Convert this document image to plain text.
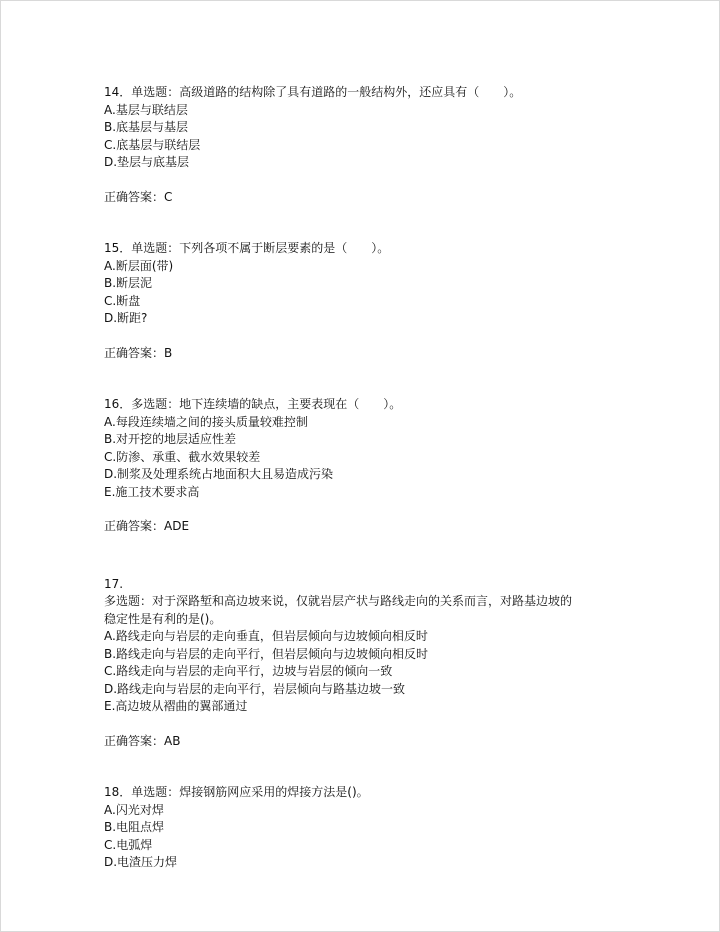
14．单选题：高级道路的结构除了具有道路的一般结构外，还应具有（　　）。

A.基层与联结层

B.底基层与基层

C.底基层与联结层

D.垫层与底基层

正确答案：C

15．单选题：下列各项不属于断层要素的是（　　）。

A.断层面(带)

B.断层泥

C.断盘

D.断距?

正确答案：B

16．多选题：地下连续墙的缺点，主要表现在（　　）。

A.每段连续墙之间的接头质量较难控制

B.对开挖的地层适应性差

C.防渗、承重、截水效果较差

D.制浆及处理系统占地面积大且易造成污染

E.施工技术要求高

正确答案：ADE

17.

多选题：对于深路堑和高边坡来说，仅就岩层产状与路线走向的关系而言，对路基边坡的

稳定性是有利的是()。

A.路线走向与岩层的走向垂直，但岩层倾向与边坡倾向相反时

B.路线走向与岩层的走向平行，但岩层倾向与边坡倾向相反时

C.路线走向与岩层的走向平行，边坡与岩层的倾向一致

D.路线走向与岩层的走向平行，岩层倾向与路基边坡一致

E.高边坡从褶曲的翼部通过

正确答案：AB

18．单选题：焊接钢筋网应采用的焊接方法是()。

A.闪光对焊

B.电阻点焊

C.电弧焊

D.电渣压力焊
